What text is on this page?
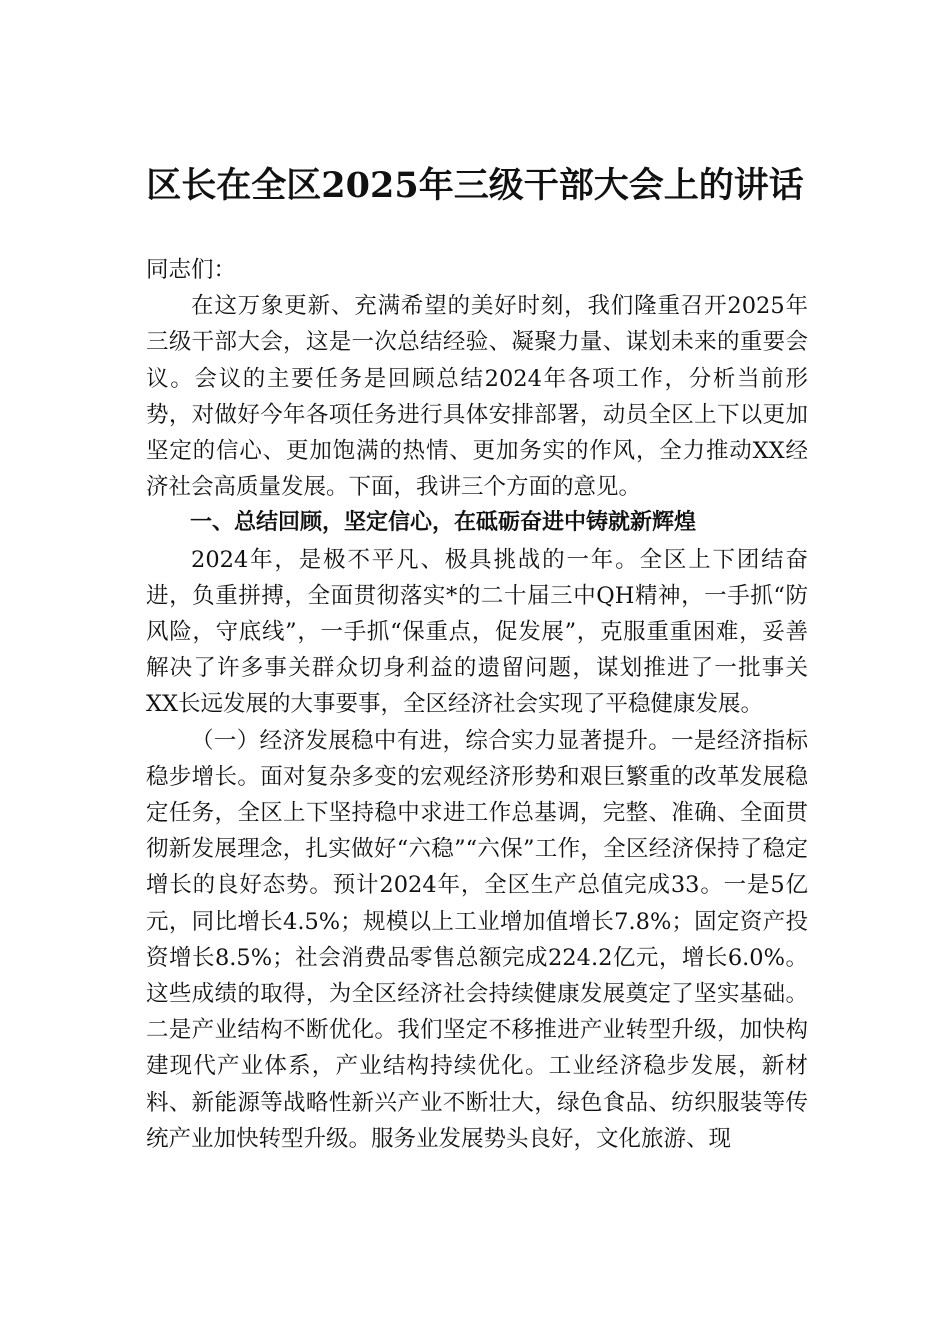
区长在全区2025年三级干部大会上的讲话

同志们：

在这万象更新、充满希望的美好时刻，我们隆重召开2025年三级干部大会，这是一次总结经验、凝聚力量、谋划未来的重要会议。会议的主要任务是回顾总结2024年各项工作，分析当前形势，对做好今年各项任务进行具体安排部署，动员全区上下以更加坚定的信心、更加饱满的热情、更加务实的作风，全力推动XX经济社会高质量发展。下面，我讲三个方面的意见。

一、总结回顾，坚定信心，在砥砺奋进中铸就新辉煌

2024年，是极不平凡、极具挑战的一年。全区上下团结奋进，负重拼搏，全面贯彻落实*的二十届三中QH精神，一手抓“防风险，守底线”，一手抓“保重点，促发展”，克服重重困难，妥善解决了许多事关群众切身利益的遗留问题，谋划推进了一批事关XX长远发展的大事要事，全区经济社会实现了平稳健康发展。

（一）经济发展稳中有进，综合实力显著提升。一是经济指标稳步增长。面对复杂多变的宏观经济形势和艰巨繁重的改革发展稳定任务，全区上下坚持稳中求进工作总基调，完整、准确、全面贯彻新发展理念，扎实做好“六稳”“六保”工作，全区经济保持了稳定增长的良好态势。预计2024年，全区生产总值完成33。一是5亿元，同比增长4.5%；规模以上工业增加值增长7.8%；固定资产投资增长8.5%；社会消费品零售总额完成224.2亿元，增长6.0%。这些成绩的取得，为全区经济社会持续健康发展奠定了坚实基础。二是产业结构不断优化。我们坚定不移推进产业转型升级，加快构建现代产业体系，产业结构持续优化。工业经济稳步发展，新材料、新能源等战略性新兴产业不断壮大，绿色食品、纺织服装等传统产业加快转型升级。服务业发展势头良好，文化旅游、现
